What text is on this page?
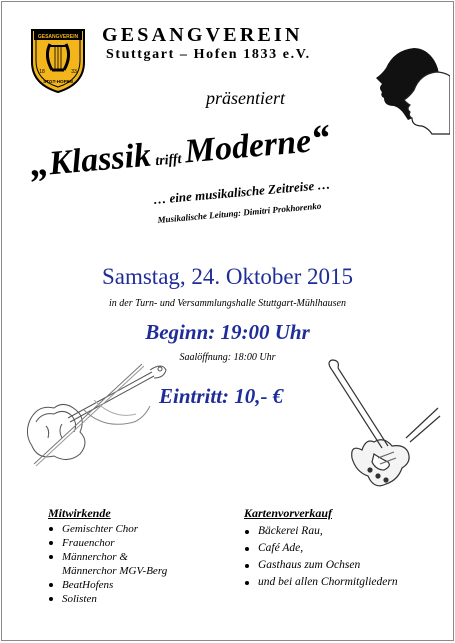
GESANGVEREIN
18	33
STGT-HOFEN
GESANGVEREIN
Stuttgart – Hofen 1833 e.V.
präsentiert
„Klassik trifft Moderne“
… eine musikalische Zeitreise …
Musikalische Leitung: Dimitri Prokhorenko
Samstag, 24. Oktober 2015
in der Turn- und Versammlungshalle Stuttgart-Mühlhausen
Beginn: 19:00 Uhr
Saalöffnung: 18:00 Uhr
Eintritt: 10,- €
Mitwirkende
Gemischter Chor
Frauenchor
Männerchor &
Männerchor MGV-Berg
BeatHofens
Solisten
Kartenvorverkauf
Bäckerei Rau,
Café Ade,
Gasthaus zum Ochsen
und bei allen Chormitgliedern
